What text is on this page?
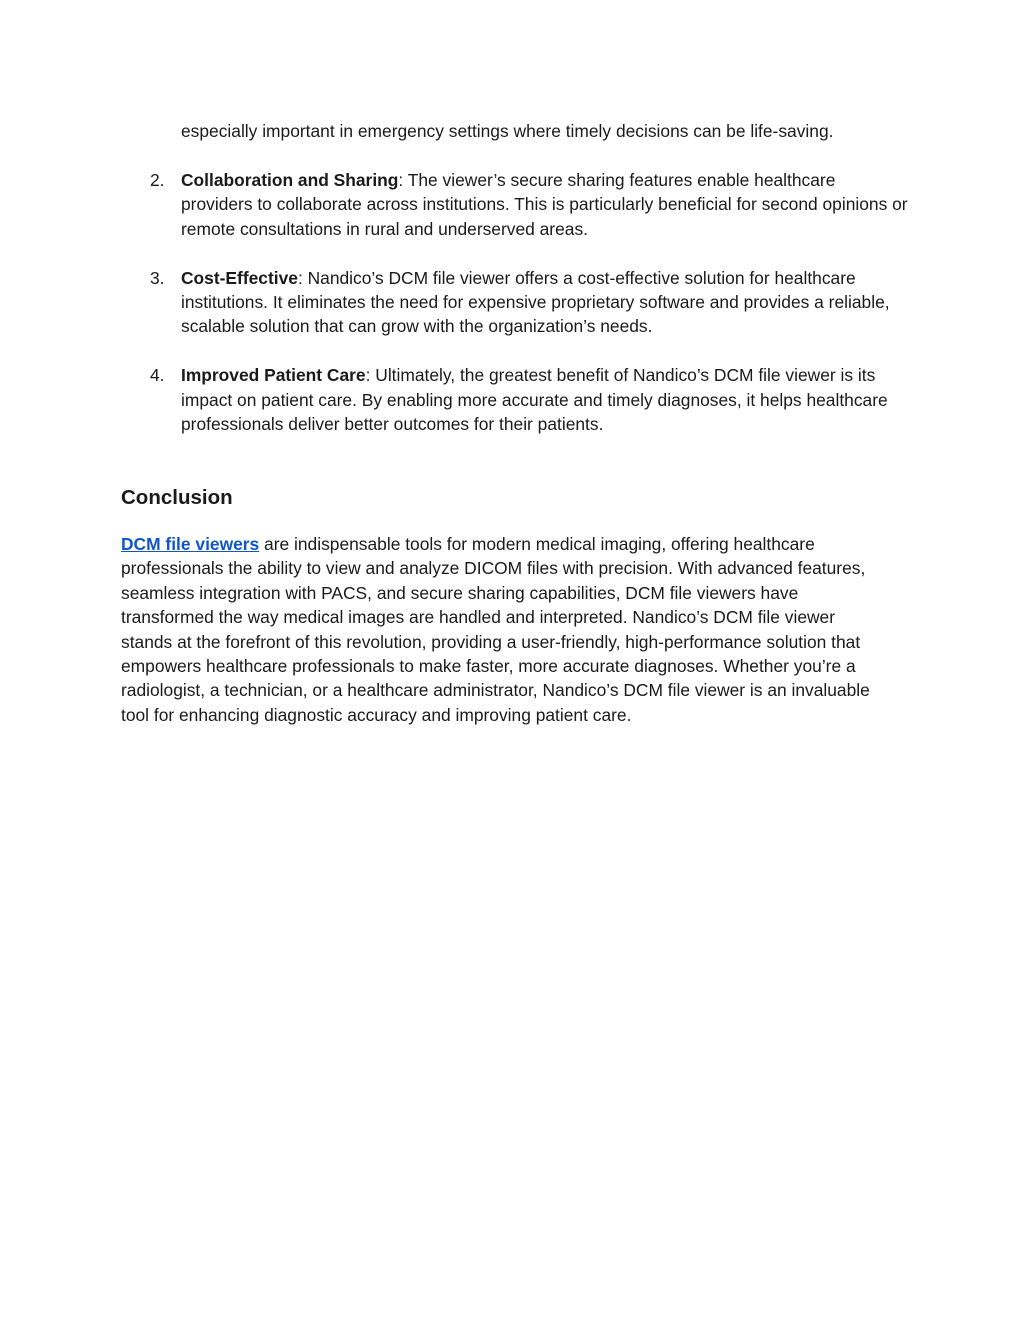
especially important in emergency settings where timely decisions can be life-saving.

2. Collaboration and Sharing: The viewer’s secure sharing features enable healthcare providers to collaborate across institutions. This is particularly beneficial for second opinions or remote consultations in rural and underserved areas.
3. Cost-Effective: Nandico’s DCM file viewer offers a cost-effective solution for healthcare institutions. It eliminates the need for expensive proprietary software and provides a reliable, scalable solution that can grow with the organization’s needs.
4. Improved Patient Care: Ultimately, the greatest benefit of Nandico’s DCM file viewer is its impact on patient care. By enabling more accurate and timely diagnoses, it helps healthcare professionals deliver better outcomes for their patients.
Conclusion

DCM file viewers are indispensable tools for modern medical imaging, offering healthcare professionals the ability to view and analyze DICOM files with precision. With advanced features, seamless integration with PACS, and secure sharing capabilities, DCM file viewers have transformed the way medical images are handled and interpreted. Nandico’s DCM file viewer stands at the forefront of this revolution, providing a user-friendly, high-performance solution that empowers healthcare professionals to make faster, more accurate diagnoses. Whether you’re a radiologist, a technician, or a healthcare administrator, Nandico’s DCM file viewer is an invaluable tool for enhancing diagnostic accuracy and improving patient care.
